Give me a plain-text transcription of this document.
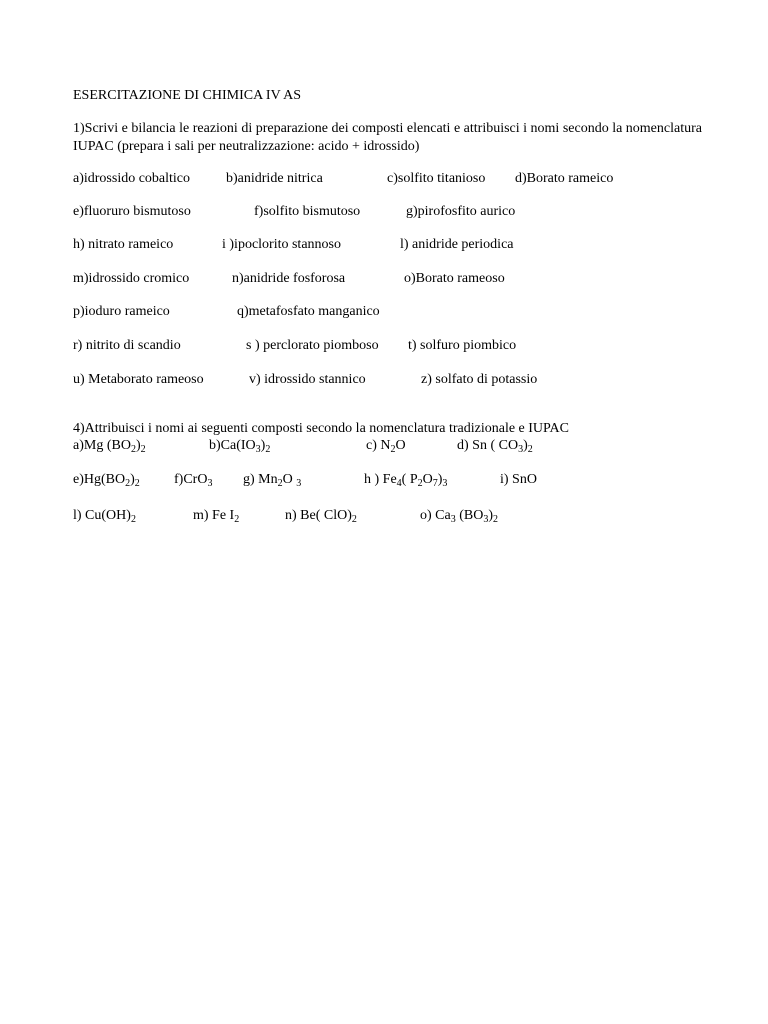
ESERCITAZIONE DI CHIMICA IV AS
1)Scrivi e bilancia le reazioni di preparazione dei composti elencati e attribuisci i nomi secondo la nomenclatura IUPAC (prepara i sali per neutralizzazione: acido + idrossido)
a)idrossido cobaltico	b)anidride nitrica	c)solfito titanioso d)Borato rameico
e)fluoruro bismutoso	f)solfito bismutoso	g)pirofosfito aurico
h) nitrato rameico	i )ipoclorito stannoso	l) anidride periodica
m)idrossido cromico	n)anidride fosforosa	o)Borato rameoso
p)ioduro rameico	q)metafosfato manganico
r) nitrito di scandio	s ) perclorato piomboso t) solfuro piombico
u) Metaborato rameoso	v) idrossido stannico	z) solfato di potassio
4)Attribuisci i nomi ai seguenti composti secondo la nomenclatura tradizionale e IUPAC
a)Mg $(BO_2)_2$	$b)Ca(IO_3)_2$	c) $N_2O$	d) Sn ( $CO_3)_2$
$e)Hg(BO_2)_2$ f)CrO$_3$ g) $Mn_2O$ $_3$	h ) $Fe_4$( $P_2O_7)_3$	i) SnO
l) $Cu(OH)_2$	m) Fe $I_2$	n) Be( $ClO)_2$	o) $Ca_3$ $(BO_3)_2$
